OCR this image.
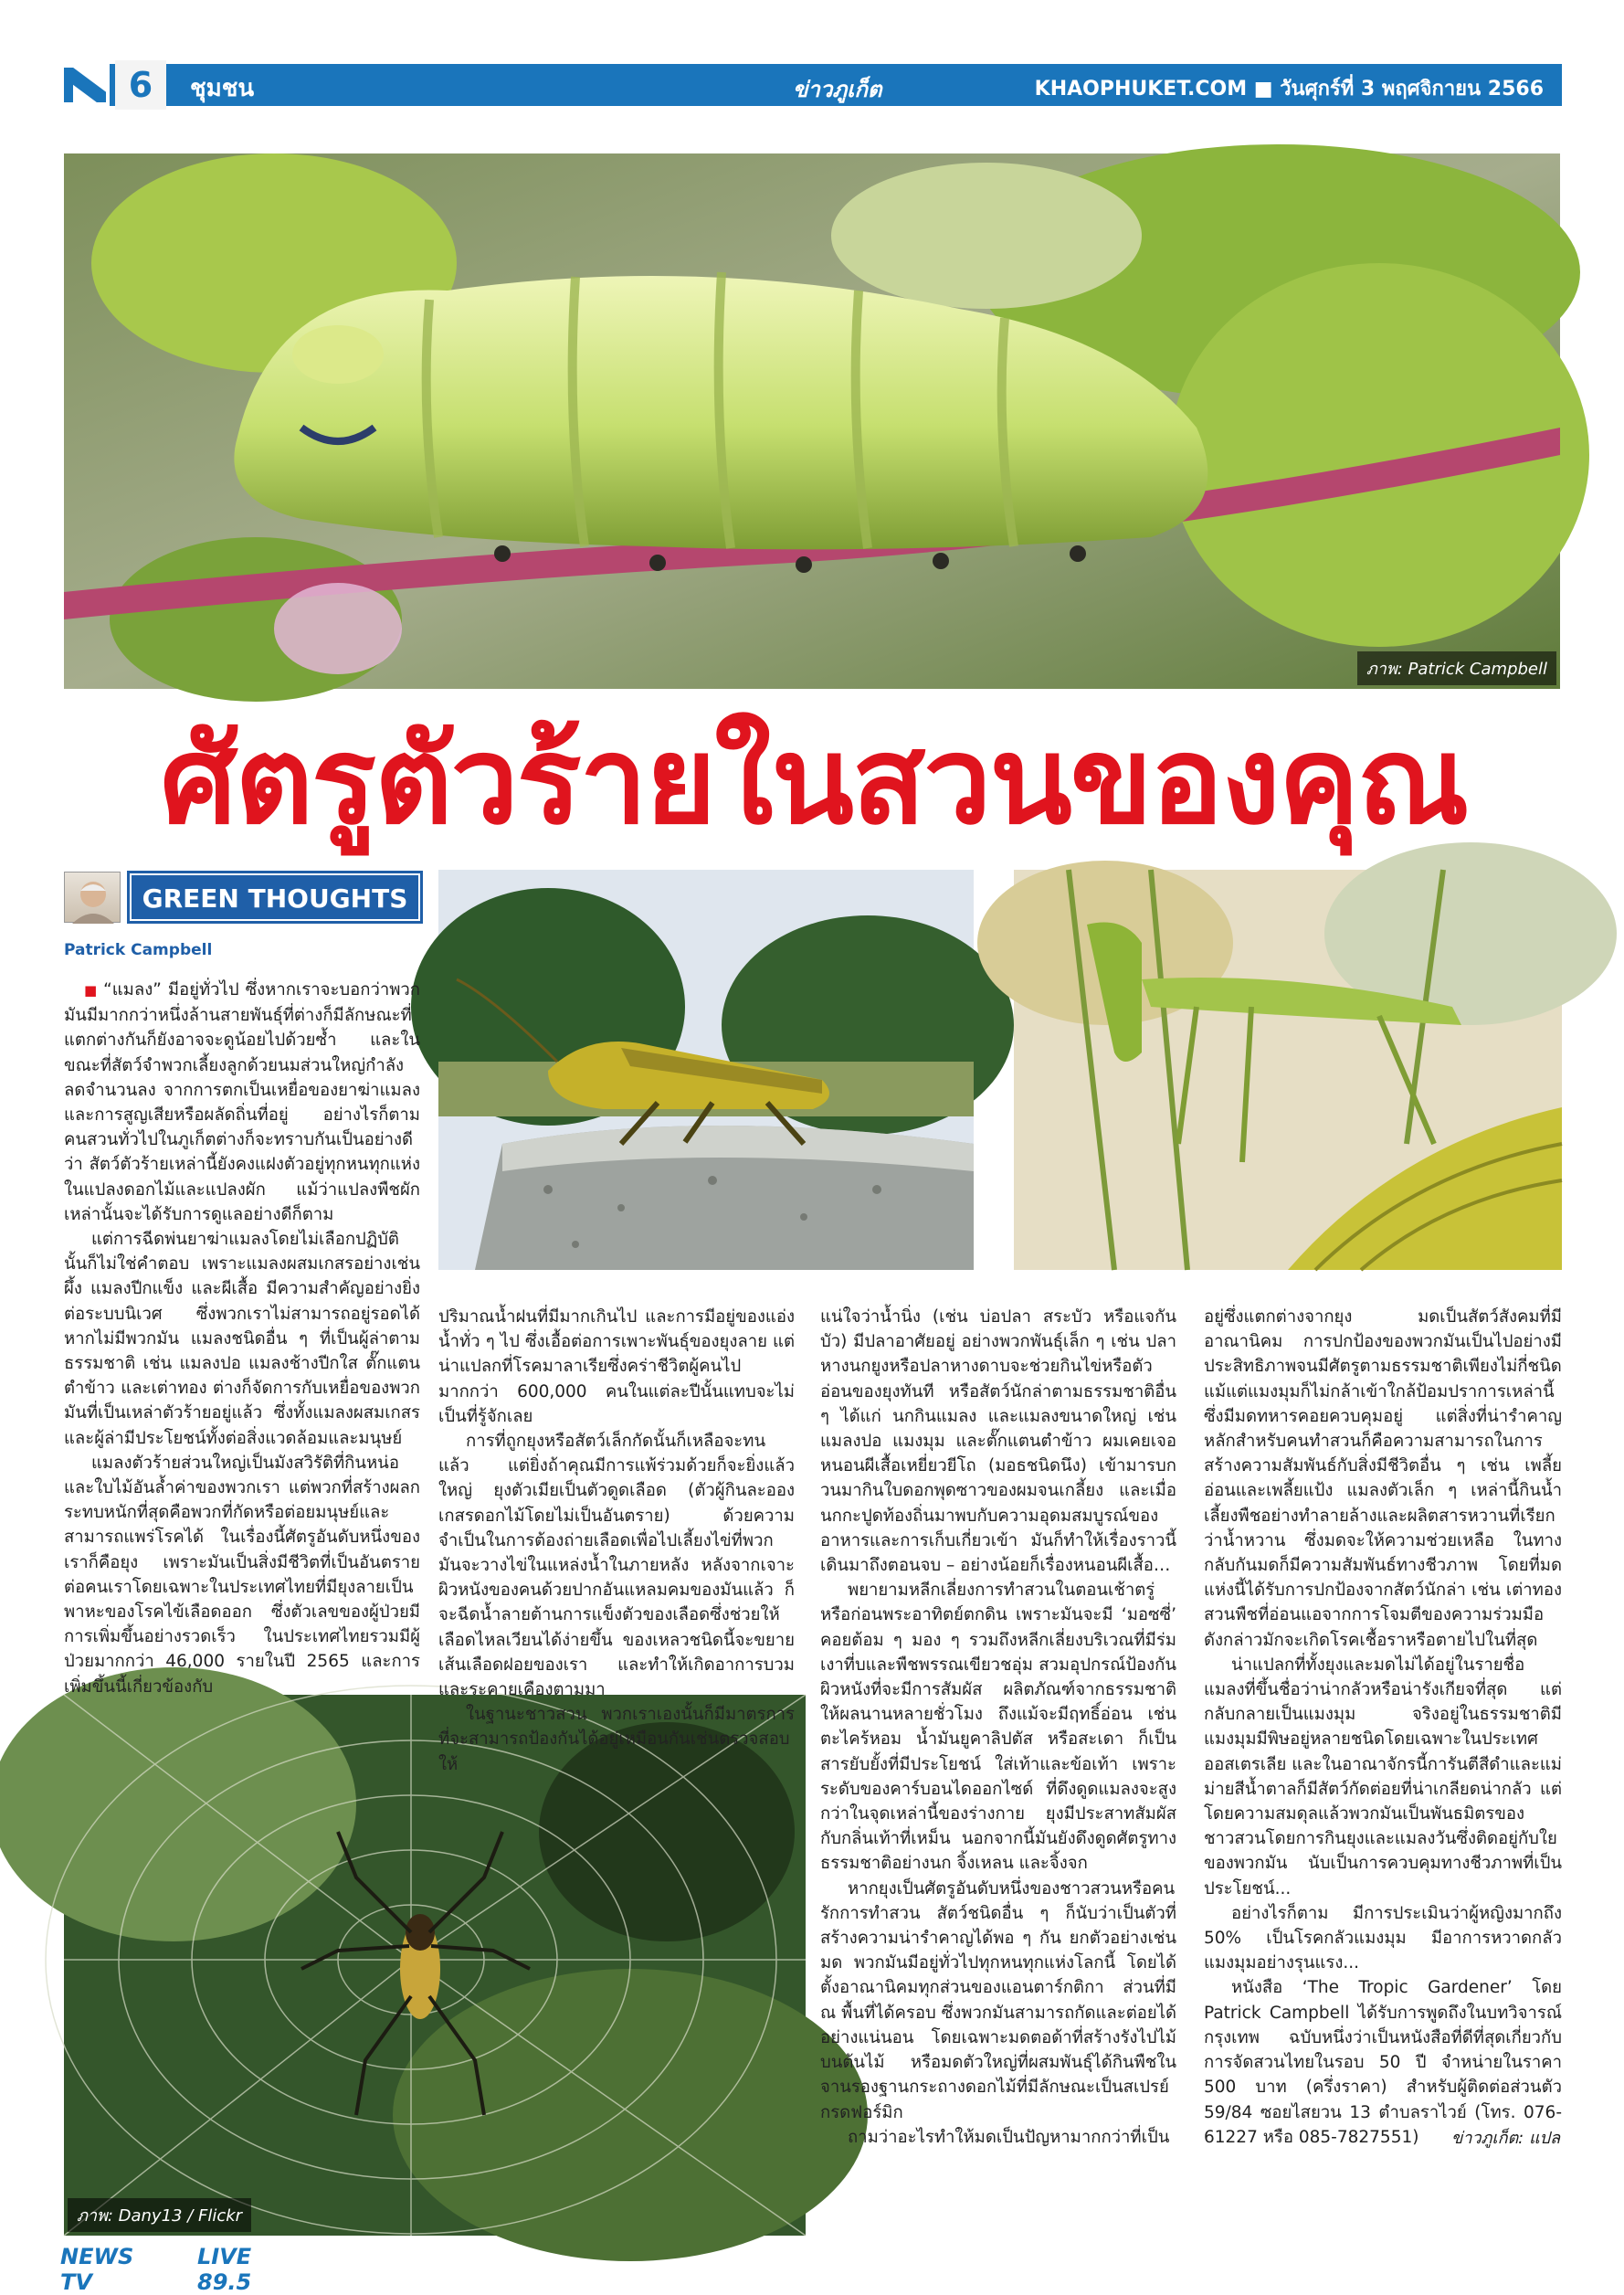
6	ชุมชน	ข่าวภูเก็ต	KHAOPHUKET.COM ■ วันศุกร์ที่ 3 พฤศจิกายน 2566
ภาพ: Patrick Campbell
ศัตรูตัวร้ายในสวนของคุณ
GREEN THOUGHTS
Patrick Campbell
ภาพ: Dany13 / Flickr

■ “แมลง” มีอยู่ทั่วไป ซึ่งหากเราจะบอกว่าพวกมันมีมากกว่าหนึ่งล้านสายพันธุ์ที่ต่างก็มีลักษณะที่แตกต่างกันก็ยังอาจจะดูน้อยไปด้วยซ้ำ และในขณะที่สัตว์จำพวกเลี้ยงลูกด้วยนมส่วนใหญ่กำลังลดจำนวนลง จากการตกเป็นเหยื่อของยาฆ่าแมลงและการสูญเสียหรือผลัดถิ่นที่อยู่ อย่างไรก็ตามคนสวนทั่วไปในภูเก็ตต่างก็จะทราบกันเป็นอย่างดีว่า สัตว์ตัวร้ายเหล่านี้ยังคงแฝงตัวอยู่ทุกหนทุกแห่งในแปลงดอกไม้และแปลงผัก แม้ว่าแปลงพืชผักเหล่านั้นจะได้รับการดูแลอย่างดีก็ตาม

แต่การฉีดพ่นยาฆ่าแมลงโดยไม่เลือกปฏิบัตินั้นก็ไม่ใช่คำตอบ เพราะแมลงผสมเกสรอย่างเช่น ผึ้ง แมลงปีกแข็ง และผีเสื้อ มีความสำคัญอย่างยิ่งต่อระบบนิเวศ ซึ่งพวกเราไม่สามารถอยู่รอดได้หากไม่มีพวกมัน แมลงชนิดอื่น ๆ ที่เป็นผู้ล่าตามธรรมชาติ เช่น แมลงปอ แมลงช้างปีกใส ตั๊กแตนตำข้าว และเต่าทอง ต่างก็จัดการกับเหยื่อของพวกมันที่เป็นเหล่าตัวร้ายอยู่แล้ว ซึ่งทั้งแมลงผสมเกสรและผู้ล่ามีประโยชน์ทั้งต่อสิ่งแวดล้อมและมนุษย์

แมลงตัวร้ายส่วนใหญ่เป็นมังสวิรัติที่กินหน่อและใบไม้อันล้ำค่าของพวกเรา แต่พวกที่สร้างผลกระทบหนักที่สุดคือพวกที่กัดหรือต่อยมนุษย์และสามารถแพร่โรคได้ ในเรื่องนี้ศัตรูอันดับหนึ่งของเราก็คือยุง เพราะมันเป็นสิ่งมีชีวิตที่เป็นอันตรายต่อคนเราโดยเฉพาะในประเทศไทยที่มียุงลายเป็นพาหะของโรคไข้เลือดออก ซึ่งตัวเลขของผู้ป่วยมีการเพิ่มขึ้นอย่างรวดเร็ว ในประเทศไทยรวมมีผู้ป่วยมากกว่า 46,000 รายในปี 2565 และการเพิ่มขึ้นนี้เกี่ยวข้องกับ

ปริมาณน้ำฝนที่มีมากเกินไป และการมีอยู่ของแอ่งน้ำทั่ว ๆ ไป ซึ่งเอื้อต่อการเพาะพันธุ์ของยุงลาย แต่น่าแปลกที่โรคมาลาเรียซึ่งคร่าชีวิตผู้คนไปมากกว่า 600,000 คนในแต่ละปีนั้นแทบจะไม่เป็นที่รู้จักเลย

การที่ถูกยุงหรือสัตว์เล็กกัดนั้นก็เหลือจะทนแล้ว แต่ยิ่งถ้าคุณมีการแพ้ร่วมด้วยก็จะยิ่งแล้วใหญ่ ยุงตัวเมียเป็นตัวดูดเลือด (ตัวผู้กินละอองเกสรดอกไม้โดยไม่เป็นอันตราย) ด้วยความจำเป็นในการต้องถ่ายเลือดเพื่อไปเลี้ยงไข่ที่พวกมันจะวางไข่ในแหล่งน้ำในภายหลัง หลังจากเจาะผิวหนังของคนด้วยปากอันแหลมคมของมันแล้ว ก็จะฉีดน้ำลายต้านการแข็งตัวของเลือดซึ่งช่วยให้เลือดไหลเวียนได้ง่ายขึ้น ของเหลวชนิดนี้จะขยายเส้นเลือดฝอยของเรา และทำให้เกิดอาการบวมและระคายเคืองตามมา

ในฐานะชาวสวน พวกเราเองนั้นก็มีมาตรการที่จะสามารถป้องกันได้อยู่เหมือนกันเช่นตรวจสอบให้

แน่ใจว่าน้ำนิ่ง (เช่น บ่อปลา สระบัว หรือแจกันบัว) มีปลาอาศัยอยู่ อย่างพวกพันธุ์เล็ก ๆ เช่น ปลาหางนกยูงหรือปลาหางดาบจะช่วยกินไข่หรือตัวอ่อนของยุงทันที หรือสัตว์นักล่าตามธรรมชาติอื่น ๆ ได้แก่ นกกินแมลง และแมลงขนาดใหญ่ เช่น แมลงปอ แมงมุม และตั๊กแตนตำข้าว ผมเคยเจอหนอนผีเสื้อเหยี่ยวยีโถ (มอธชนิดนึง) เข้ามารบกวนมากินใบดอกพุดซาวของผมจนเกลี้ยง และเมื่อนกกะปูดท้องถิ่นมาพบกับความอุดมสมบูรณ์ของอาหารและการเก็บเกี่ยวเข้า มันก็ทำให้เรื่องราวนี้เดินมาถึงตอนจบ – อย่างน้อยก็เรื่องหนอนผีเสื้อ…

พยายามหลีกเลี่ยงการทำสวนในตอนเช้าตรู่หรือก่อนพระอาทิตย์ตกดิน เพราะมันจะมี ‘มอซซี่’ คอยต้อม ๆ มอง ๆ รวมถึงหลีกเลี่ยงบริเวณที่มีร่มเงาที่บและพืชพรรณเขียวชอุ่ม สวมอุปกรณ์ป้องกันผิวหนังที่จะมีการสัมผัส ผลิตภัณฑ์จากธรรมชาติให้ผลนานหลายชั่วโมง ถึงแม้จะมีฤทธิ์อ่อน เช่น ตะไคร้หอม น้ำมันยูคาลิปตัส หรือสะเดา ก็เป็นสารยับยั้งที่มีประโยชน์ ใส่เท้าและข้อเท้า เพราะระดับของคาร์บอนไดออกไซด์ ที่ดึงดูดแมลงจะสูงกว่าในจุดเหล่านี้ของร่างกาย ยุงมีประสาทสัมผัสกับกลิ่นเท้าที่เหม็น นอกจากนี้มันยังดึงดูดศัตรูทางธรรมชาติอย่างนก จิ้งเหลน และจิ้งจก

หากยุงเป็นศัตรูอันดับหนึ่งของชาวสวนหรือคนรักการทำสวน สัตว์ชนิดอื่น ๆ ก็นับว่าเป็นตัวที่สร้างความน่ารำคาญได้พอ ๆ กัน ยกตัวอย่างเช่น มด พวกมันมีอยู่ทั่วไปทุกหนทุกแห่งโลกนี้ โดยได้ตั้งอาณานิคมทุกส่วนของแอนตาร์กติกา ส่วนที่มี ณ พื้นที่ได้ครอบ ซึ่งพวกมันสามารถกัดและต่อยได้อย่างแน่นอน โดยเฉพาะมดตอด้าที่สร้างรังไปไม้บนต้นไม้ หรือมดตัวใหญ่ที่ผสมพันธุ์ได้กินพืชในจานรองฐานกระถางดอกไม้ที่มีลักษณะเป็นสเปรย์กรดฟอร์มิก

ถามว่าอะไรทำให้มดเป็นปัญหามากกว่าที่เป็น

อยู่ซึ่งแตกต่างจากยุง มดเป็นสัตว์สังคมที่มีอาณานิคม การปกป้องของพวกมันเป็นไปอย่างมีประสิทธิภาพจนมีศัตรูตามธรรมชาติเพียงไม่กี่ชนิด แม้แต่แมงมุมก็ไม่กล้าเข้าใกล้ป้อมปราการเหล่านี้ซึ่งมีมดทหารคอยควบคุมอยู่ แต่สิ่งที่น่ารำคาญหลักสำหรับคนทำสวนก็คือความสามารถในการสร้างความสัมพันธ์กับสิ่งมีชีวิตอื่น ๆ เช่น เพลี้ยอ่อนและเพลี้ยแป้ง แมลงตัวเล็ก ๆ เหล่านี้กินน้ำเลี้ยงพืชอย่างทำลายล้างและผลิตสารหวานที่เรียกว่าน้ำหวาน ซึ่งมดจะให้ความช่วยเหลือ ในทางกลับกันมดก็มีความสัมพันธ์ทางชีวภาพ โดยที่มดแห่งนี้ได้รับการปกป้องจากสัตว์นักล่า เช่น เต่าทอง สวนพืชที่อ่อนแอจากการโจมตีของความร่วมมือดังกล่าวมักจะเกิดโรคเชื้อราหรือตายไปในที่สุด

น่าแปลกที่ทั้งยุงและมดไม่ได้อยู่ในรายชื่อแมลงที่ขึ้นชื่อว่าน่ากลัวหรือน่ารังเกียจที่สุด แต่กลับกลายเป็นแมงมุม จริงอยู่ในธรรมชาติมีแมงมุมมีพิษอยู่หลายชนิดโดยเฉพาะในประเทศออสเตรเลีย และในอาณาจักรนี้การันตีสีดำและแม่ม่ายสีน้ำตาลก็มีสัตว์กัดต่อยที่น่าเกลียดน่ากลัว แต่โดยความสมดุลแล้วพวกมันเป็นพันธมิตรของชาวสวนโดยการกินยุงและแมลงวันซึ่งติดอยู่กับใยของพวกมัน นับเป็นการควบคุมทางชีวภาพที่เป็นประโยชน์...

อย่างไรก็ตาม มีการประเมินว่าผู้หญิงมากถึง 50% เป็นโรคกลัวแมงมุม มีอาการหวาดกลัวแมงมุมอย่างรุนแรง...

หนังสือ ‘The Tropic Gardener’ โดย Patrick Campbell ได้รับการพูดถึงในบทวิจารณ์กรุงเทพ ฉบับหนึ่งว่าเป็นหนังสือที่ดีที่สุดเกี่ยวกับการจัดสวนไทยในรอบ 50 ปี จำหน่ายในราคา 500 บาท (ครึ่งราคา) สำหรับผู้ติดต่อส่วนตัว 59/84 ซอยไสยวน 13 ตำบลราไวย์ (โทร. 076- 61227 หรือ 085-7827551)	ข่าวภูเก็ต: แปล
NEWS TV
LIVE 89.5
